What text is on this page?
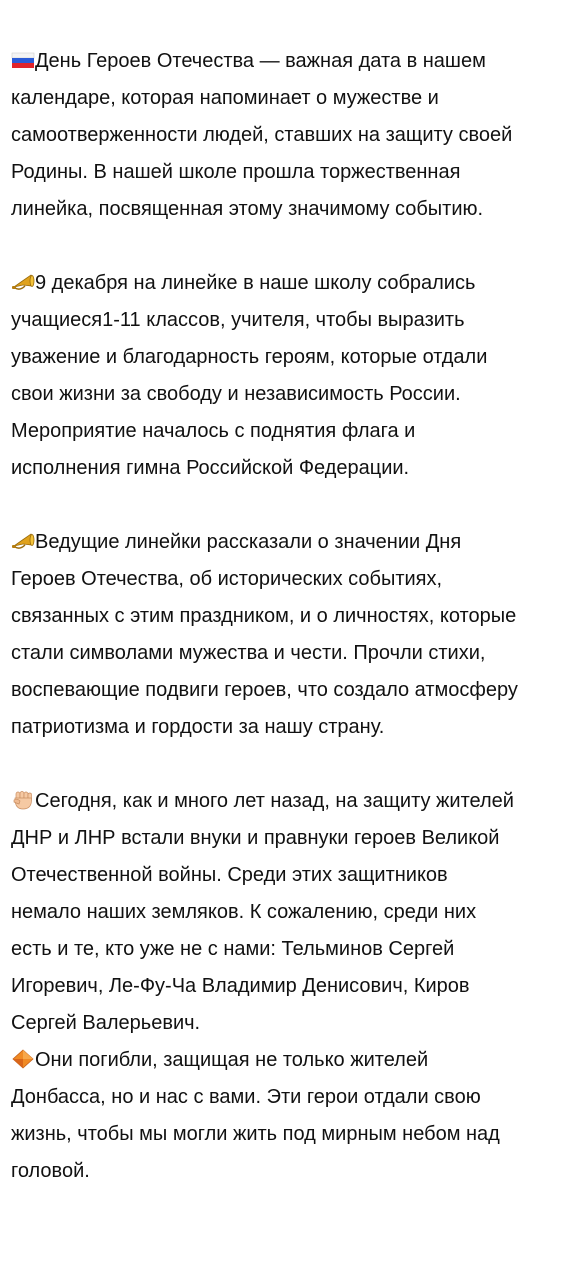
День Героев Отечества — важная дата в нашем
календаре, которая напоминает о мужестве и
самоотверженности людей, ставших на защиту своей
Родины. В нашей школе прошла торжественная
линейка, посвященная этому значимому событию.

9 декабря на линейке в наше школу собрались
учащиеся1-11 классов, учителя, чтобы выразить
уважение и благодарность героям, которые отдали
свои жизни за свободу и независимость России.
Мероприятие началось с поднятия флага и
исполнения гимна Российской Федерации.

Ведущие линейки рассказали о значении Дня
Героев Отечества, об исторических событиях,
связанных с этим праздником, и о личностях, которые
стали символами мужества и чести. Прочли стихи,
воспевающие подвиги героев, что создало атмосферу
патриотизма и гордости за нашу страну.

Сегодня, как и много лет назад, на защиту жителей
ДНР и ЛНР встали внуки и правнуки героев Великой
Отечественной войны. Среди этих защитников
немало наших земляков. К сожалению, среди них
есть и те, кто уже не с нами: Тельминов Сергей
Игоревич, Ле-Фу-Ча Владимир Денисович, Киров
Сергей Валерьевич.

Они погибли, защищая не только жителей
Донбасса, но и нас с вами. Эти герои отдали свою
жизнь, чтобы мы могли жить под мирным небом над
головой.
